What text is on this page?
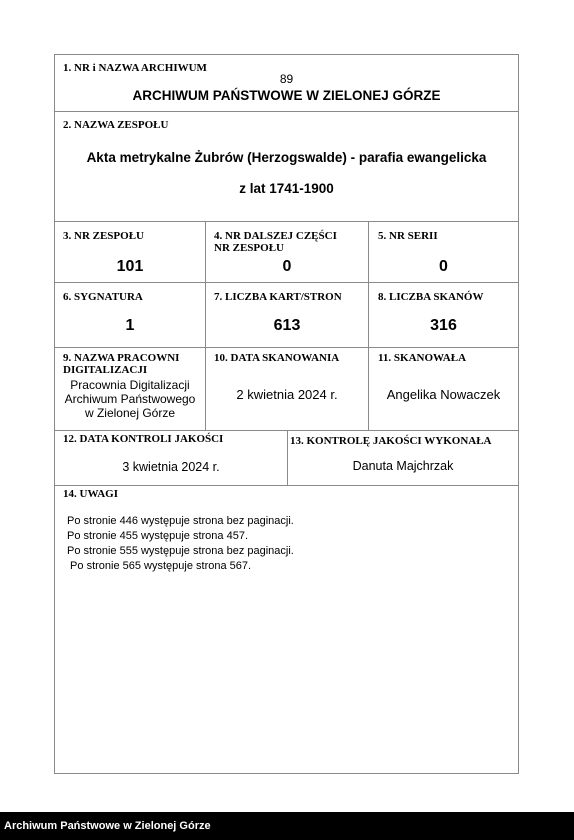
1. NR i NAZWA ARCHIWUM
89
ARCHIWUM PAŃSTWOWE W ZIELONEJ GÓRZE
2. NAZWA ZESPOŁU
Akta metrykalne Żubrów (Herzogswalde) - parafia ewangelicka
z lat 1741-1900
3. NR ZESPOŁU
101
4. NR DALSZEJ CZĘŚCI
NR ZESPOŁU
0
5. NR SERII
0
6. SYGNATURA
1
7. LICZBA KART/STRON
613
8. LICZBA SKANÓW
316
9. NAZWA PRACOWNI
DIGITALIZACJI
Pracownia Digitalizacji
Archiwum Państwowego
w Zielonej Górze
10. DATA SKANOWANIA
2 kwietnia 2024 r.
11. SKANOWAŁA
Angelika Nowaczek
12. DATA KONTROLI JAKOŚCI
3 kwietnia 2024 r.
13. KONTROLĘ JAKOŚCI WYKONAŁA
Danuta Majchrzak
14. UWAGI
Po stronie 446 występuje strona bez paginacji.
Po stronie 455 występuje strona 457.
Po stronie 555 występuje strona bez paginacji.
Po stronie 565 występuje strona 567.
Archiwum Państwowe w Zielonej Górze
